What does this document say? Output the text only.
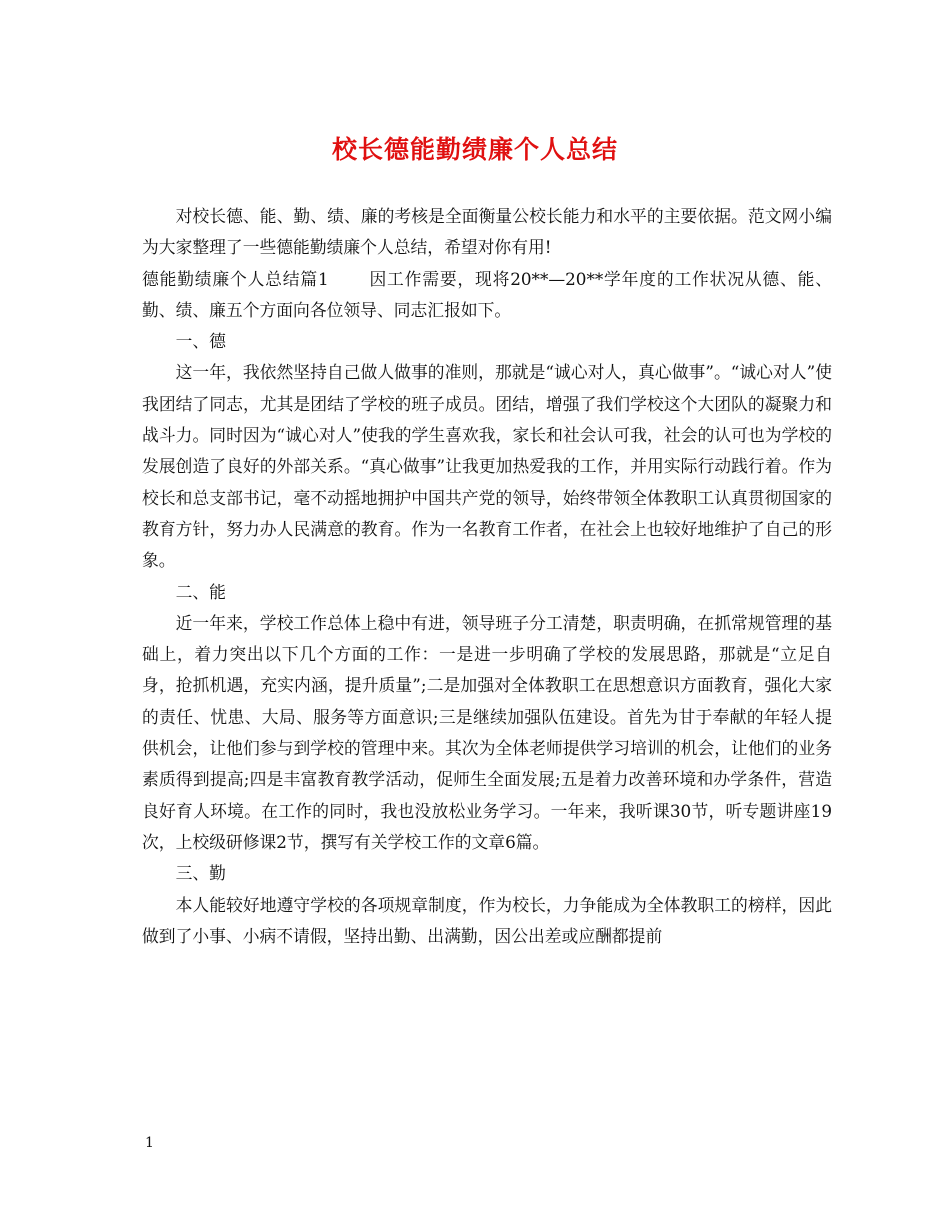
校长德能勤绩廉个人总结

对校长德、能、勤、绩、廉的考核是全面衡量公校长能力和水平的主要依据。范文网小编为大家整理了一些德能勤绩廉个人总结，希望对你有用!

德能勤绩廉个人总结篇1 因工作需要，现将20**—20**学年度的工作状况从德、能、勤、绩、廉五个方面向各位领导、同志汇报如下。

一、德

这一年，我依然坚持自己做人做事的准则，那就是“诚心对人，真心做事”。“诚心对人”使我团结了同志，尤其是团结了学校的班子成员。团结，增强了我们学校这个大团队的凝聚力和战斗力。同时因为“诚心对人”使我的学生喜欢我，家长和社会认可我，社会的认可也为学校的发展创造了良好的外部关系。“真心做事”让我更加热爱我的工作，并用实际行动践行着。作为校长和总支部书记，毫不动摇地拥护中国共产党的领导，始终带领全体教职工认真贯彻国家的教育方针，努力办人民满意的教育。作为一名教育工作者，在社会上也较好地维护了自己的形象。

二、能

近一年来，学校工作总体上稳中有进，领导班子分工清楚，职责明确，在抓常规管理的基础上，着力突出以下几个方面的工作：一是进一步明确了学校的发展思路，那就是“立足自身，抢抓机遇，充实内涵，提升质量”;二是加强对全体教职工在思想意识方面教育，强化大家的责任、忧患、大局、服务等方面意识;三是继续加强队伍建设。首先为甘于奉献的年轻人提供机会，让他们参与到学校的管理中来。其次为全体老师提供学习培训的机会，让他们的业务素质得到提高;四是丰富教育教学活动，促师生全面发展;五是着力改善环境和办学条件，营造良好育人环境。在工作的同时，我也没放松业务学习。一年来，我听课30节，听专题讲座19次，上校级研修课2节，撰写有关学校工作的文章6篇。

三、勤

本人能较好地遵守学校的各项规章制度，作为校长，力争能成为全体教职工的榜样，因此做到了小事、小病不请假，坚持出勤、出满勤，因公出差或应酬都提前

1
